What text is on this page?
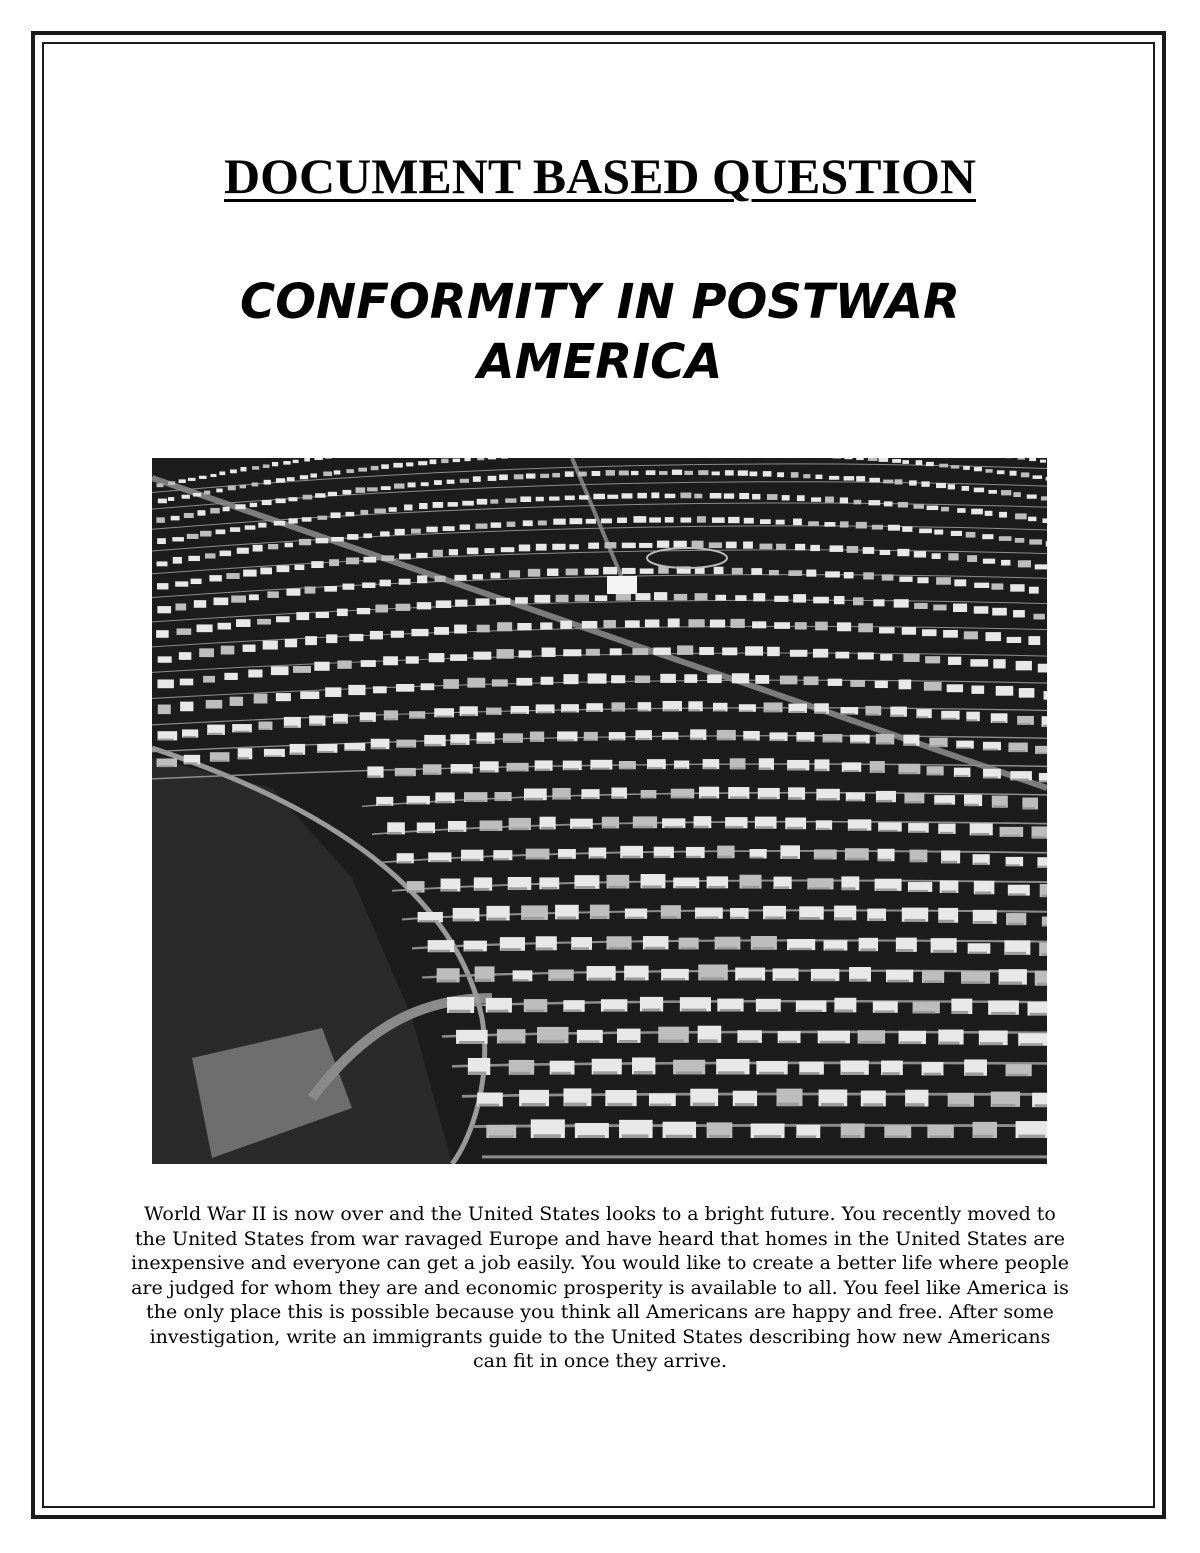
DOCUMENT BASED QUESTION
CONFORMITY IN POSTWAR
AMERICA
World War II is now over and the United States looks to a bright future. You recently moved to the United States from war ravaged Europe and have heard that homes in the United States are inexpensive and everyone can get a job easily. You would like to create a better life where people are judged for whom they are and economic prosperity is available to all. You feel like America is the only place this is possible because you think all Americans are happy and free. After some investigation, write an immigrants guide to the United States describing how new Americans can fit in once they arrive.
